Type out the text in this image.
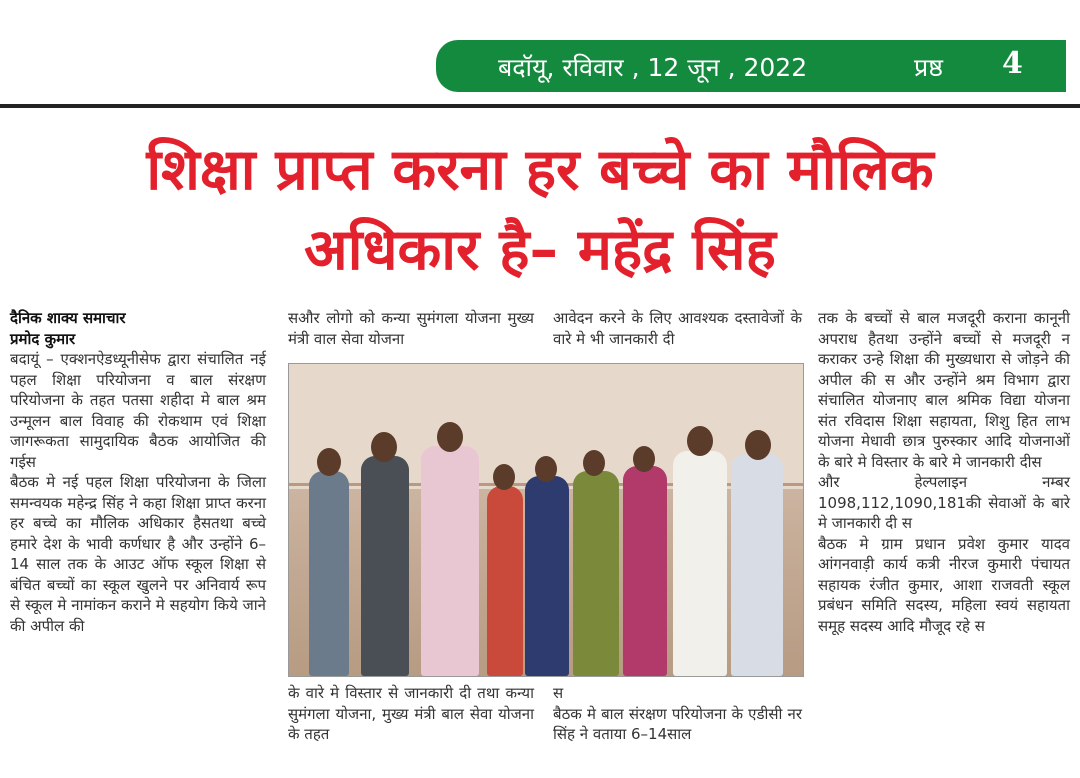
बदॉयू, रविवार , 12 जून , 2022	प्रष्ठ 4
शिक्षा प्राप्त करना हर बच्चे का मौलिक
अधिकार है– महेंद्र सिंह

दैनिक शाक्य समाचार

प्रमोद कुमार

बदायूं – एक्शनऐडध्यूनीसेफ द्वारा संचालित नई पहल शिक्षा परियोजना व बाल संरक्षण परियोजना के तहत पतसा शहीदा मे बाल श्रम उन्मूलन बाल विवाह की रोकथाम एवं शिक्षा जागरूकता सामुदायिक बैठक आयोजित की गईस

बैठक मे नई पहल शिक्षा परियोजना के जिला समन्वयक महेन्द्र सिंह ने कहा शिक्षा प्राप्त करना हर बच्चे का मौलिक अधिकार हैसतथा बच्चे हमारे देश के भावी कर्णधार है और उन्होंने 6–14 साल तक के आउट ऑफ स्कूल शिक्षा से बंचित बच्चों का स्कूल खुलने पर अनिवार्य रूप से स्कूल मे नामांकन कराने मे सहयोग किये जाने की अपील की

सऔर लोगो को कन्या सुमंगला योजना मुख्य मंत्री वाल सेवा योजना

आवेदन करने के लिए आवश्यक दस्तावेजों के वारे मे भी जानकारी दी

के वारे मे विस्तार से जानकारी दी तथा कन्या सुमंगला योजना, मुख्य मंत्री बाल सेवा योजना के तहत

स

बैठक मे बाल संरक्षण परियोजना के एडीसी नर सिंह ने वताया 6–14साल

तक के बच्चों से बाल मजदूरी कराना कानूनी अपराध हैतथा उन्होंने बच्चों से मजदूरी न कराकर उन्हे शिक्षा की मुख्यधारा से जोड़ने की अपील की स और उन्होंने श्रम विभाग द्वारा संचालित योजनाए बाल श्रमिक विद्या योजना संत रविदास शिक्षा सहायता, शिशु हित लाभ योजना मेधावी छात्र पुरुस्कार आदि योजनाओं के बारे मे विस्तार के बारे मे जानकारी दीस

और हेल्पलाइन नम्बर 1098,112,1090,181की सेवाओं के बारे मे जानकारी दी स

बैठक मे ग्राम प्रधान प्रवेश कुमार यादव आंगनवाड़ी कार्य कत्री नीरज कुमारी पंचायत सहायक रंजीत कुमार, आशा राजवती स्कूल प्रबंधन समिति सदस्य, महिला स्वयं सहायता समूह सदस्य आदि मौजूद रहे स
